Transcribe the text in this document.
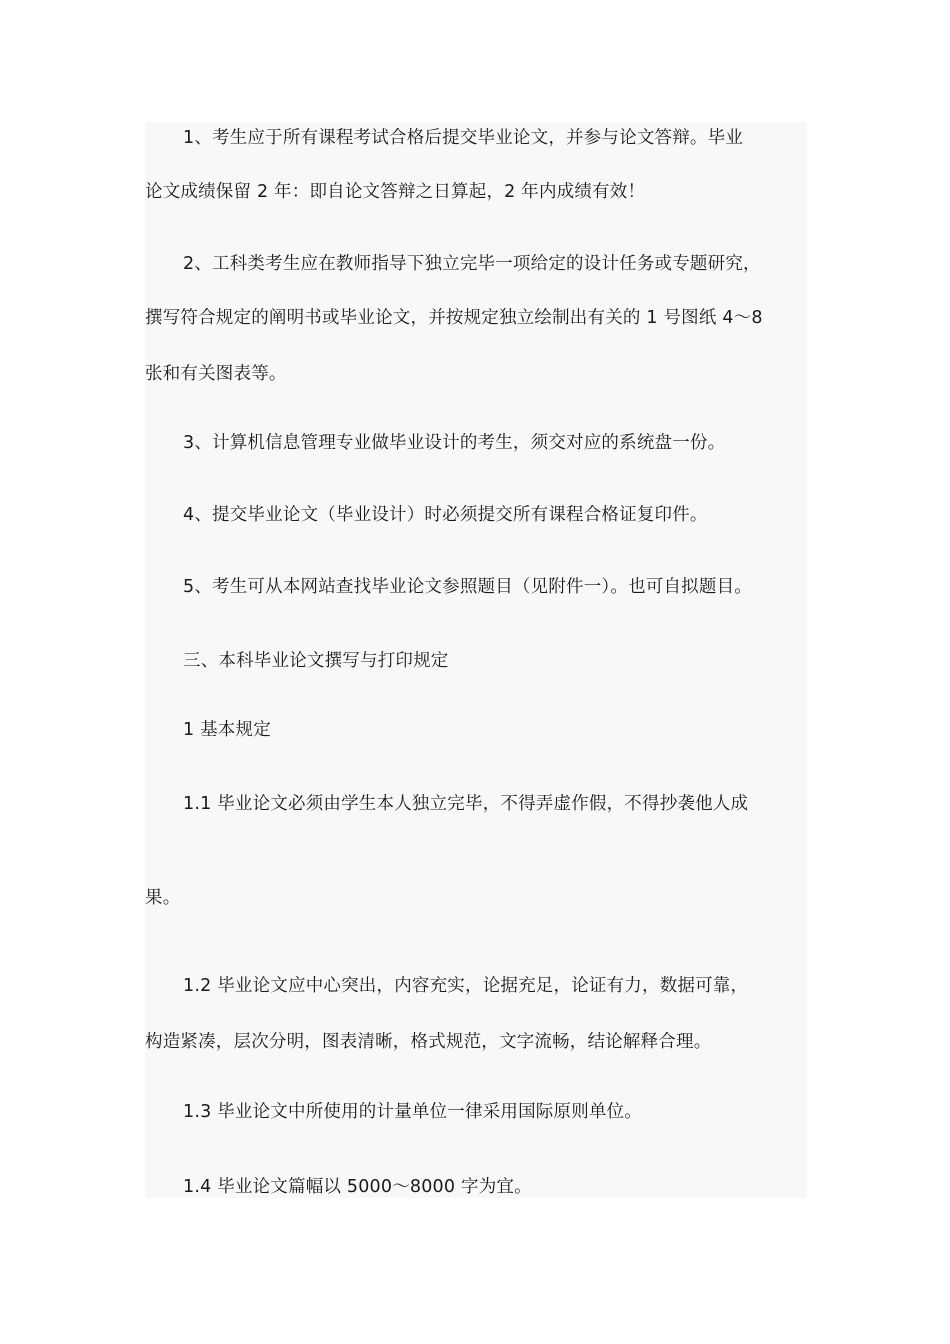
1、考生应于所有课程考试合格后提交毕业论文，并参与论文答辩。毕业
论文成绩保留 2 年：即自论文答辩之日算起，2 年内成绩有效！
2、工科类考生应在教师指导下独立完毕一项给定的设计任务或专题研究，
撰写符合规定的阐明书或毕业论文，并按规定独立绘制出有关的 1 号图纸 4～8
张和有关图表等。
3、计算机信息管理专业做毕业设计的考生，须交对应的系统盘一份。
4、提交毕业论文（毕业设计）时必须提交所有课程合格证复印件。
5、考生可从本网站查找毕业论文参照题目（见附件一）。也可自拟题目。
三、本科毕业论文撰写与打印规定
1 基本规定
1.1 毕业论文必须由学生本人独立完毕，不得弄虚作假，不得抄袭他人成
果。
1.2 毕业论文应中心突出，内容充实，论据充足，论证有力，数据可靠，
构造紧凑，层次分明，图表清晰，格式规范，文字流畅，结论解释合理。
1.3 毕业论文中所使用的计量单位一律采用国际原则单位。
1.4 毕业论文篇幅以 5000～8000 字为宜。
